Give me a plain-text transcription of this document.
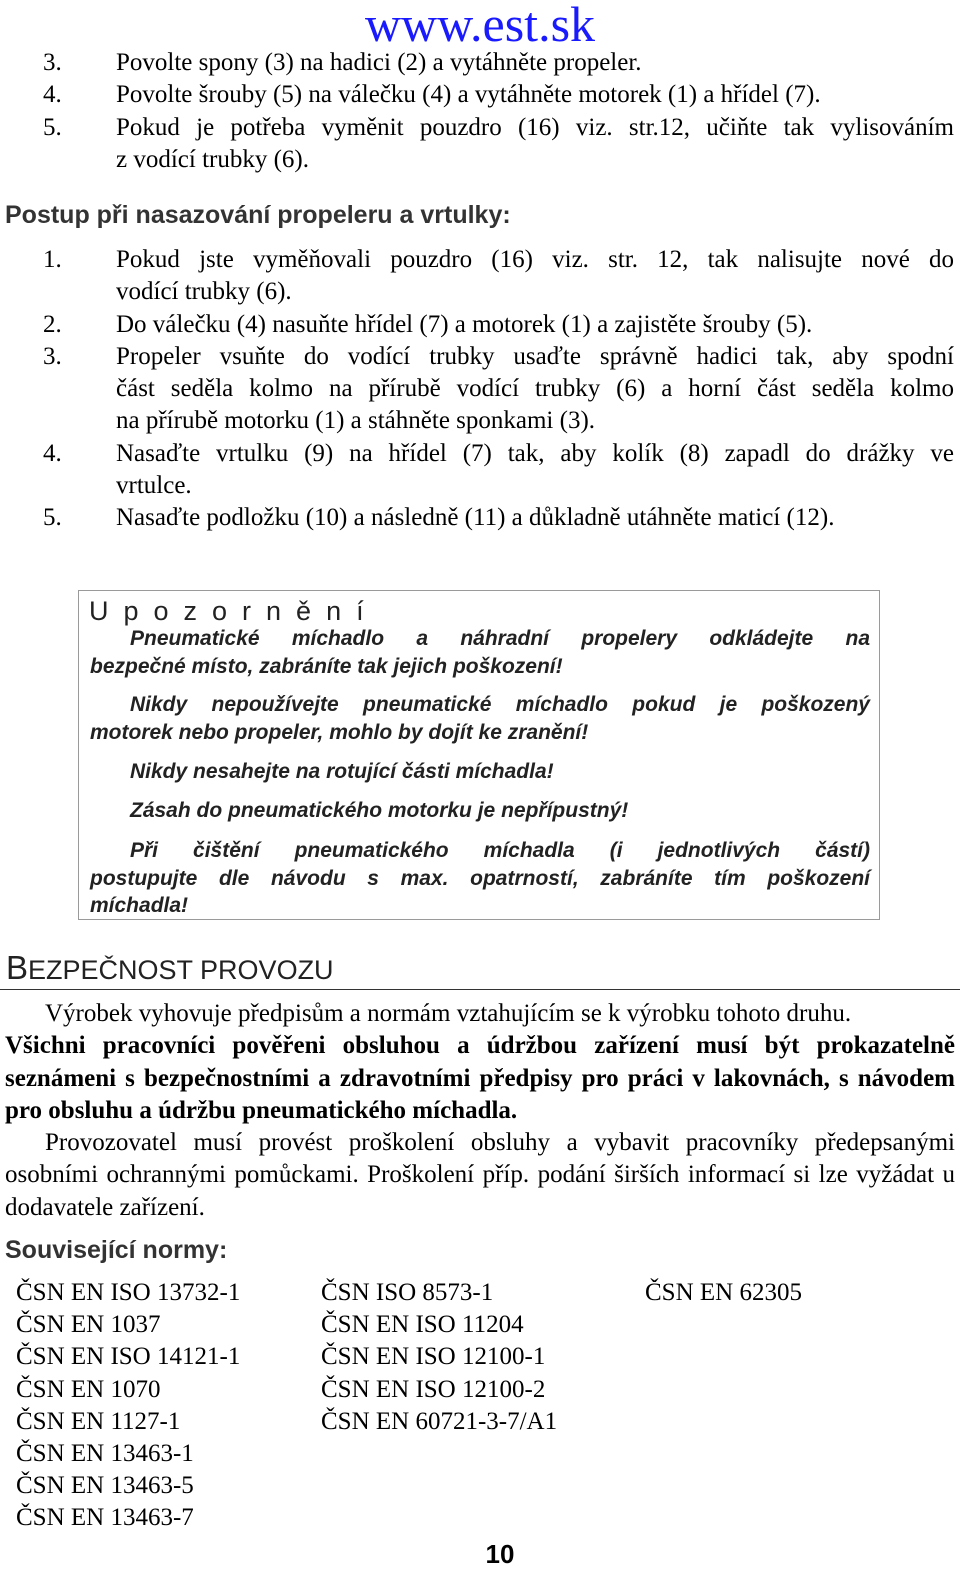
www.est.sk
3. Povolte spony (3) na hadici (2) a vytáhněte propeler.
4. Povolte šrouby (5) na válečku (4) a vytáhněte motorek (1) a hřídel (7).
5. Pokud je potřeba vyměnit pouzdro (16) viz. str.12, učiňte tak vylisováním
z vodící trubky (6).
Postup při nasazování propeleru a vrtulky:
1. Pokud jste vyměňovali pouzdro (16) viz. str. 12, tak nalisujte nové do
vodící trubky (6).
2. Do válečku (4) nasuňte hřídel (7) a motorek (1) a zajistěte šrouby (5).
3. Propeler vsuňte do vodící trubky usaďte správně hadici tak, aby spodní
část seděla kolmo na přírubě vodící trubky (6) a horní část seděla kolmo
na přírubě motorku (1) a stáhněte sponkami (3).
4. Nasaďte vrtulku (9) na hřídel (7) tak, aby kolík (8) zapadl do drážky ve
vrtulce.
5. Nasaďte podložku (10) a následně (11) a důkladně utáhněte maticí (12).
Upozornění
Pneumatické míchadlo a náhradní propelery odkládejte na
bezpečné místo, zabráníte tak jejich poškození!
Nikdy nepoužívejte pneumatické míchadlo pokud je poškozený
motorek nebo propeler, mohlo by dojít ke zranění!
Nikdy nesahejte na rotující části míchadla!
Zásah do pneumatického motorku je nepřípustný!
Při čištění pneumatického míchadla (i jednotlivých částí)
postupujte dle návodu s max. opatrností, zabráníte tím poškození
míchadla!
BEZPEČNOST PROVOZU

Výrobek vyhovuje předpisům a normám vztahujícím se k výrobku tohoto druhu.

Všichni pracovníci pověřeni obsluhou a údržbou zařízení musí být prokazatelně seznámeni s bezpečnostními a zdravotními předpisy pro práci v lakovnách, s návodem pro obsluhu a údržbu pneumatického míchadla.

Provozovatel musí provést proškolení obsluhy a vybavit pracovníky předepsanými osobními ochrannými pomůckami. Proškolení příp. podání širších informací si lze vyžádat u dodavatele zařízení.

Související normy:
ČSN EN ISO 13732-1
ČSN EN 1037
ČSN EN ISO 14121-1
ČSN EN 1070
ČSN EN 1127-1
ČSN EN 13463-1
ČSN EN 13463-5
ČSN EN 13463-7
ČSN ISO 8573-1
ČSN EN ISO 11204
ČSN EN ISO 12100-1
ČSN EN ISO 12100-2
ČSN EN 60721-3-7/A1
ČSN EN 62305
10
